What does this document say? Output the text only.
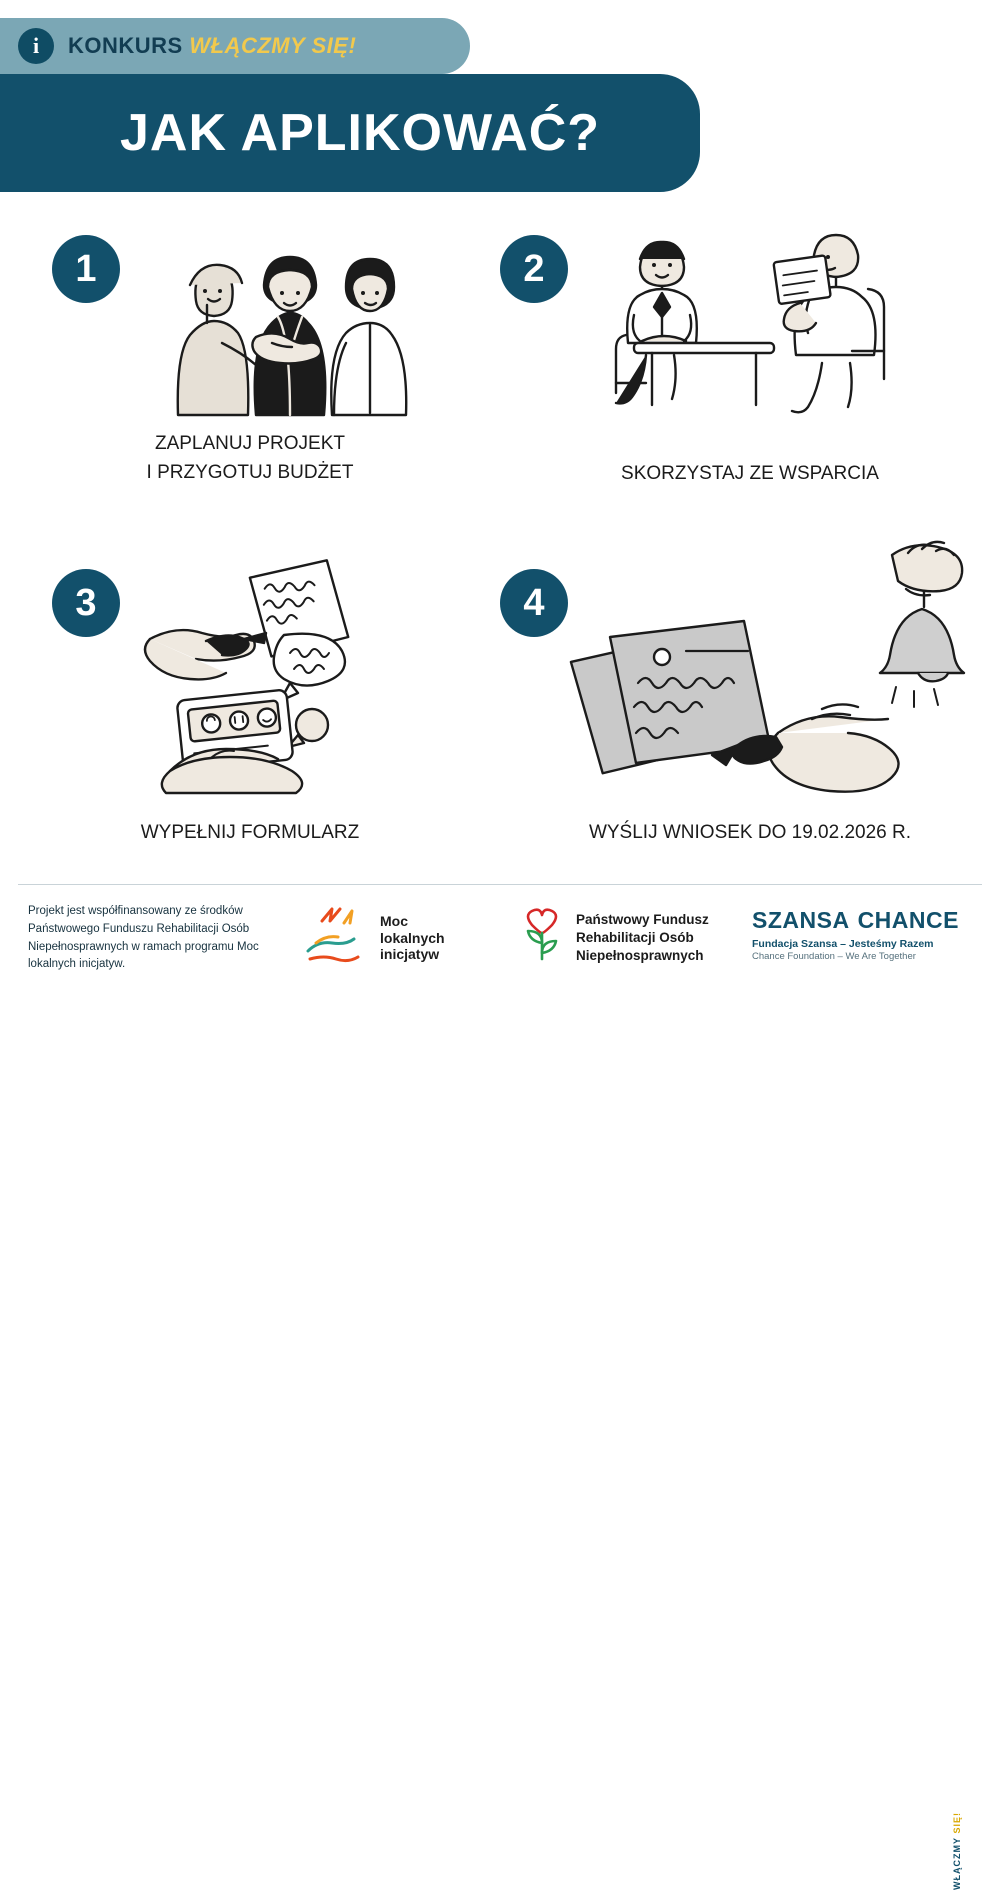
i	KONKURS WŁĄCZMY SIĘ!
JAK APLIKOWAĆ?
1
ZAPLANUJ PROJEKT
I PRZYGOTUJ BUDŻET
2
SKORZYSTAJ ZE WSPARCIA
3
WYPEŁNIJ FORMULARZ
4
WYŚLIJ WNIOSEK DO 19.02.2026 R.
Projekt jest współfinansowany ze środków Państwowego Funduszu Rehabilitacji Osób Niepełnosprawnych w ramach programu Moc lokalnych inicjatyw.
Moc
lokalnych
inicjatyw
Państwowy Fundusz
Rehabilitacji Osób
Niepełnosprawnych
SZANSA CHANCE
Fundacja Szansa – Jesteśmy Razem
Chance Foundation – We Are Together
WŁĄCZMY SIĘ!
